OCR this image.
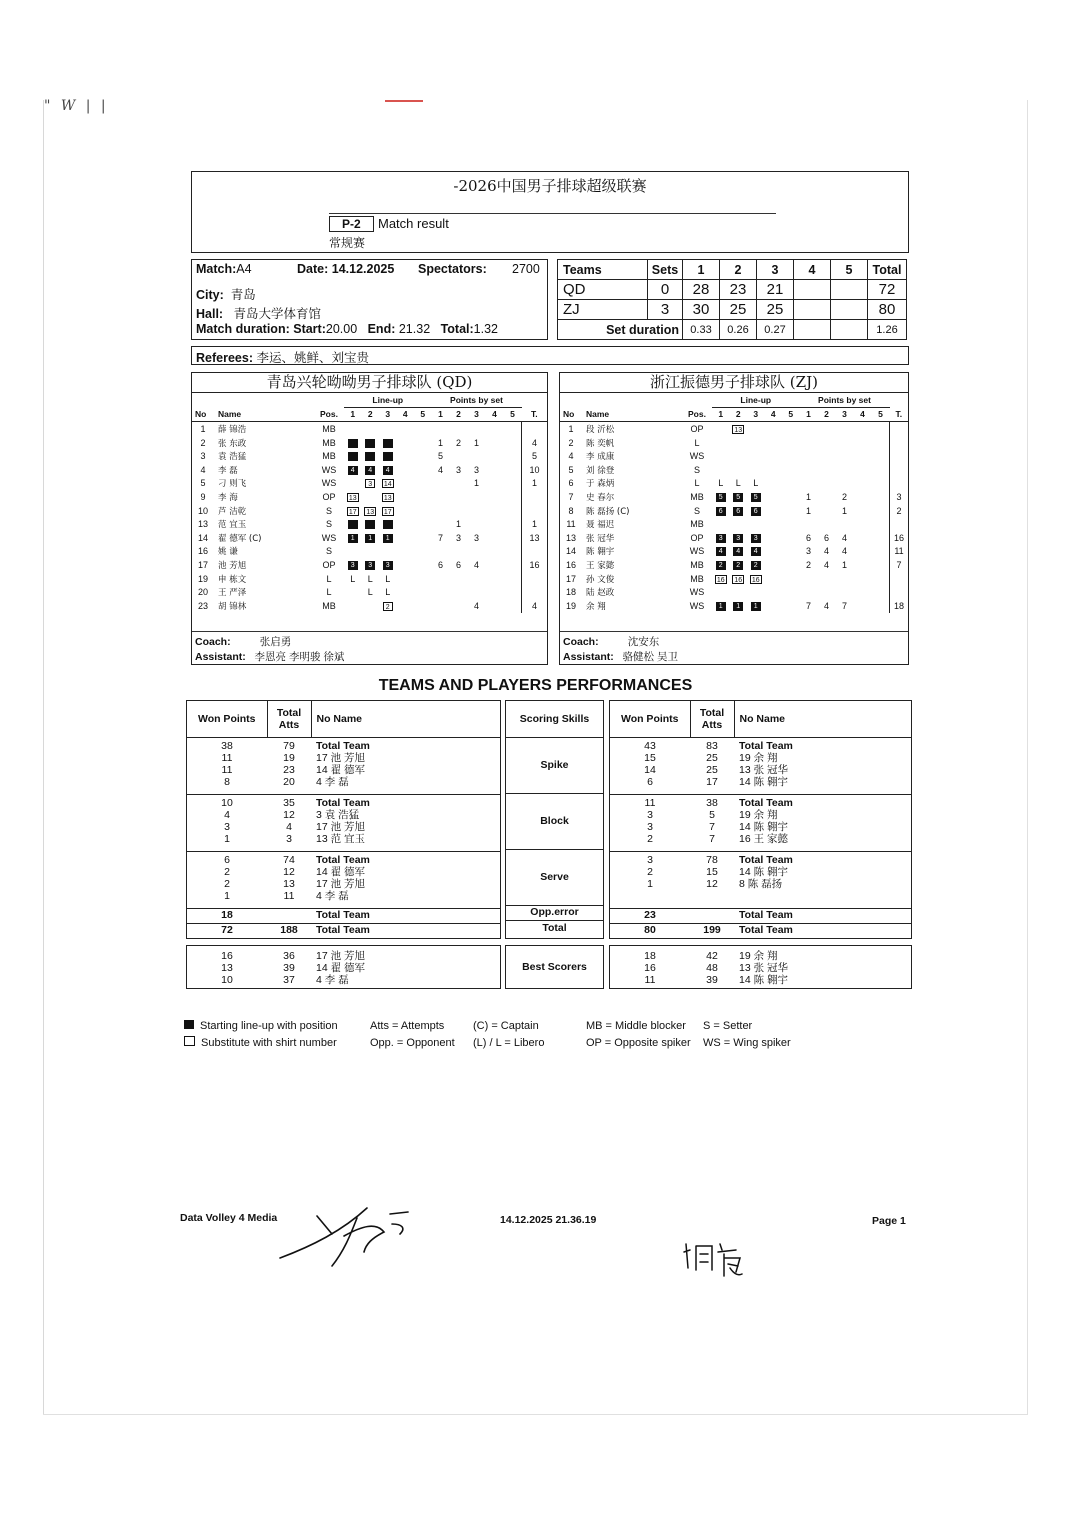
" W | |
-2026中国男子排球超级联赛
P-2	Match result
常规赛
Match:A4	Date: 14.12.2025 Spectators: 2700
City: 青岛
Hall: 青岛大学体育馆
Match duration: Start:20.00 End: 21.32 Total:1.32
Teams	Sets	1	2	3	4	5	Total
QD	0	28	23	21			72
ZJ	3	30	25	25			80
Set duration		0.33	0.26	0.27			1.26
Referees: 李运、姚鲜、刘宝贵
青岛兴轮呦呦男子排球队 (QD)
			Line-up					Points by set					
No	Name	Pos.	1	2	3	4	5	1	2	3	4	5	T.
1	薛 锦浩	MB											
2	张 东政	MB						1	2	1			4
3	袁 浩猛	MB						5					5
4	李 磊	WS	4	4	4			4	3	3			10
5	刁 则飞	WS		3	14					1			1
9	李 海	OP	13		13								
10	芦 洁乾	S	17	13	17								
13	范 宜玉	S							1				1
14	翟 德军 (C)	WS	1	1	1			7	3	3			13
16	姚 谦	S											
17	池 芳旭	OP	3	3	3			6	6	4			16
19	申 栋文	L	L	L	L								
20	王 严泽	L		L	L								
23	胡 锦林	MB			2					4			4
Coach:	张启勇
Assistant: 李恩亮 李明骏 徐斌
浙江振德男子排球队 (ZJ)
			Line-up					Points by set					
No	Name	Pos.	1	2	3	4	5	1	2	3	4	5	T.
1	段 沂松	OP		13									
2	陈 奕帆	L											
4	李 成康	WS											
5	刘 徐登	S											
6	于 森炳	L	L	L	L								
7	史 春尔	MB	5	5	5			1		2			3
8	陈 磊扬 (C)	S	6	6	6			1		1			2
11	聂 福迟	MB											
13	张 冠华	OP	3	3	3			6	6	4			16
14	陈 翱宇	WS	4	4	4			3	4	4			11
16	王 家懿	MB	2	2	2			2	4	1			7
17	孙 文俊	MB	16	16	16								
18	陆 赵政	WS											
19	余 翔	WS	1	1	1			7	4	7			18
Coach:	沈安东
Assistant: 骆健松 吴卫
TEAMS AND PLAYERS PERFORMANCES
Won Points	Total Atts	No Name

38	79	Total Team
11	19	17 池 芳旭
11	23	14 翟 德军
8	20	4 李 磊

10	35	Total Team
4	12	3 袁 浩猛
3	4	17 池 芳旭
1	3	13 范 宜玉

6	74	Total Team
2	12	14 翟 德军
2	13	17 池 芳旭
1	11	4 李 磊

18		Total Team
72	188	Total Team
Scoring Skills
Spike
Block
Serve
Opp.error
Total
Won Points	Total Atts	No Name

43	83	Total Team
15	25	19 余 翔
14	25	13 张 冠华
6	17	14 陈 翱宇

11	38	Total Team
3	5	19 余 翔
3	7	14 陈 翱宇
2	7	16 王 家懿

3	78	Total Team
2	15	14 陈 翱宇
1	12	8 陈 磊扬

23		Total Team
80	199	Total Team
16	36	17 池 芳旭
13	39	14 翟 德军
10	37	4 李 磊
Best Scorers
18	42	19 余 翔
16	48	13 张 冠华
11	39	14 陈 翱宇
Starting line-up with position
Substitute with shirt number
Atts = Attempts
Opp. = Opponent
(C) = Captain
(L) / L = Libero
MB = Middle blocker
OP = Opposite spiker
S = Setter
WS = Wing spiker
Data Volley 4 Media	14.12.2025 21.36.19	Page 1
